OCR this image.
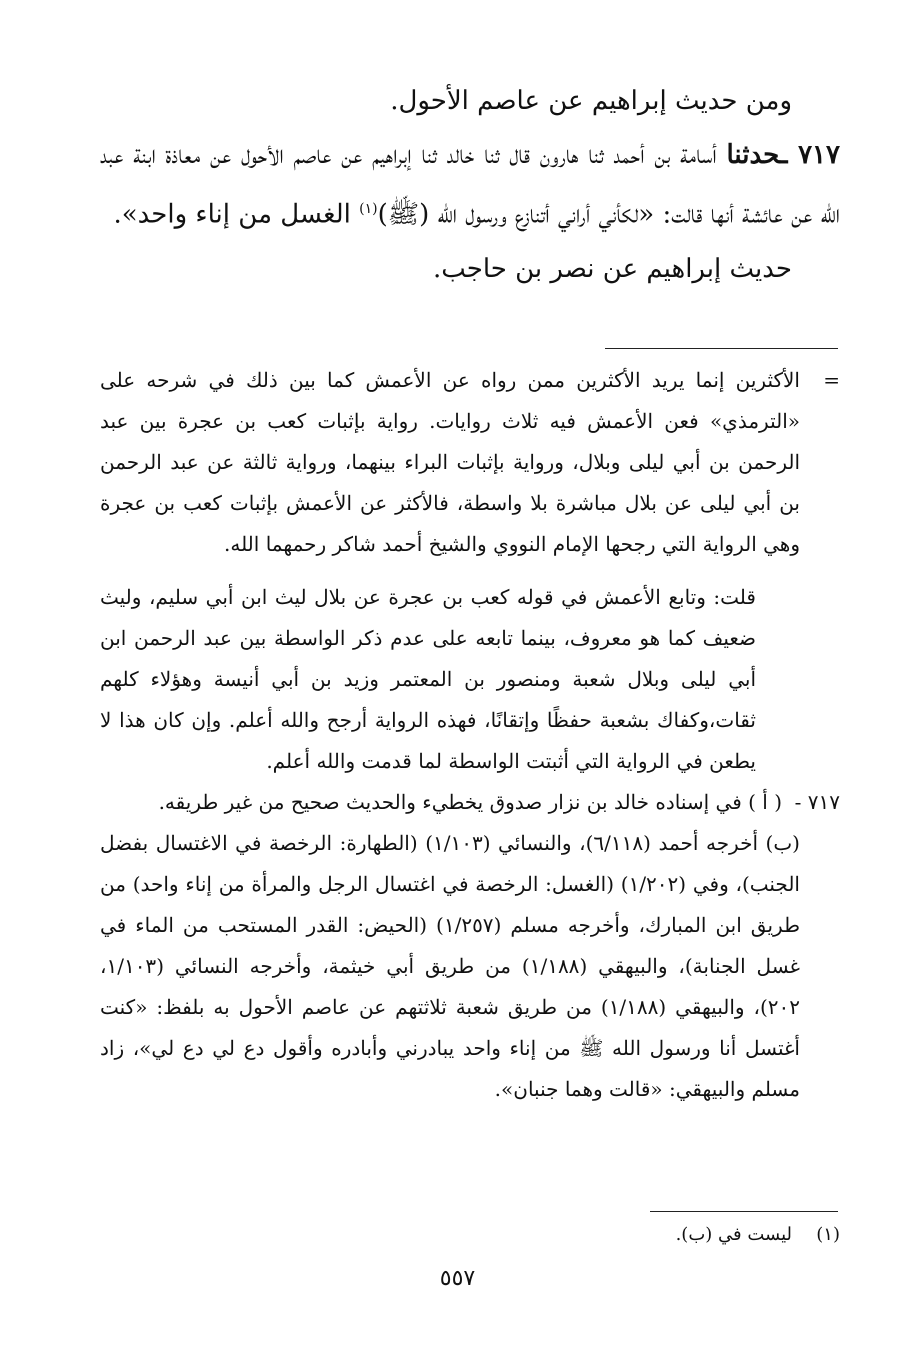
ومن حديث إبراهيم عن عاصم الأحول.

٧١٧ ـحدثنا أسامة بن أحمد ثنا هارون قال ثنا خالد ثنا إبراهيم عن عاصم الأحول عن معاذة ابنة عبد الله عن عائشة أنها قالت: «لكأني أراني أتنازع ورسول الله (ﷺ)$^{(١)}$ الغسل من إناء واحد».

حديث إبراهيم عن نصر بن حاجب.

=
الأكثرين إنما يريد الأكثرين ممن رواه عن الأعمش كما بين ذلك في شرحه على «الترمذي» فعن الأعمش فيه ثلاث روايات. رواية بإثبات كعب بن عجرة بين عبد الرحمن بن أبي ليلى وبلال، ورواية بإثبات البراء بينهما، ورواية ثالثة عن عبد الرحمن بن أبي ليلى عن بلال مباشرة بلا واسطة، فالأكثر عن الأعمش بإثبات كعب بن عجرة وهي الرواية التي رجحها الإمام النووي والشيخ أحمد شاكر رحمهما الله.
قلت: وتابع الأعمش في قوله كعب بن عجرة عن بلال ليث ابن أبي سليم، وليث ضعيف كما هو معروف، بينما تابعه على عدم ذكر الواسطة بين عبد الرحمن ابن أبي ليلى وبلال شعبة ومنصور بن المعتمر وزيد بن أبي أنيسة وهؤلاء كلهم ثقات،وكفاك بشعبة حفظًا وإتقانًا، فهذه الرواية أرجح والله أعلم. وإن كان هذا لا يطعن في الرواية التي أثبتت الواسطة لما قدمت والله أعلم.
٧١٧ -
( أ ) في إسناده خالد بن نزار صدوق يخطيء والحديث صحيح من غير طريقه.
(ب) أخرجه أحمد (٦/١١٨)، والنسائي (١/١٠٣) (الطهارة: الرخصة في الاغتسال بفضل الجنب)، وفي (١/٢٠٢) (الغسل: الرخصة في اغتسال الرجل والمرأة من إناء واحد) من طريق ابن المبارك، وأخرجه مسلم (١/٢٥٧) (الحيض: القدر المستحب من الماء في غسل الجنابة)، والبيهقي (١/١٨٨) من طريق أبي خيثمة، وأخرجه النسائي (١/١٠٣، ٢٠٢)، والبيهقي (١/١٨٨) من طريق شعبة ثلاثتهم عن عاصم الأحول به بلفظ: «كنت أغتسل أنا ورسول الله ﷺ من إناء واحد يبادرني وأبادره وأقول دع لي دع لي»، زاد مسلم والبيهقي: «قالت وهما جنبان».
(١)ليست في (ب).
٥٥٧
